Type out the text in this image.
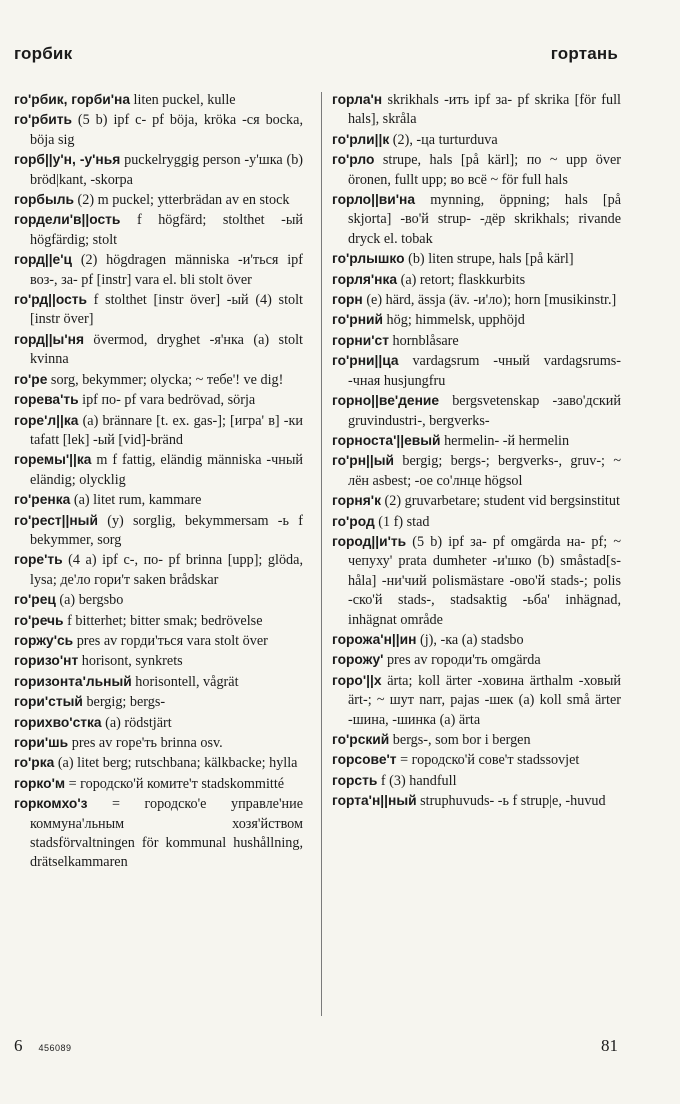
горбик	гортань

го'рбик, горби'на liten puckel, kulle

го'рбить (5 b) ipf с- pf böja, kröka -ся bocka, böja sig

горб||у'н, -у'нья puckelryggig person -у'шка (b) bröd|kant, -skorpa

горбыль (2) m puckel; ytterbrädan av en stock

гордели'в||ость f högfärd; stolthet -ый högfärdig; stolt

горд||е'ц (2) högdragen människa -и'ться ipf воз-, за- pf [instr] vara el. bli stolt över

го'рд||ость f stolthet [instr över] -ый (4) stolt [instr över]

горд||ы'ня övermod, dryghet -я'нка (a) stolt kvinna

го'ре sorg, bekymmer; olycka; ~ тебе'! ve dig!

горева'ть ipf по- pf vara bedrövad, sörja

горе'л||ка (a) brännare [t. ex. gas-]; [игра' в] -ки tafatt [lek] -ый [vid]-bränd

горемы'||ка m f fattig, eländig människa -чный eländig; olycklig

го'ренка (a) litet rum, kammare

го'рест||ный (y) sorglig, bekymmersam -ь f bekymmer, sorg

горе'ть (4 a) ipf с-, по- pf brinna [upp]; glöda, lysa; де'ло гори'т saken brådskar

го'рец (a) bergsbo

го'речь f bitterhet; bitter smak; bedrövelse

горжу'сь pres av горди'ться vara stolt över

горизо'нт horisont, synkrets

горизонта'льный horisontell, vågrät

гори'стый bergig; bergs-

горихво'стка (a) rödstjärt

гори'шь pres av горе'ть brinna osv.

го'рка (a) litet berg; rutschbana; kälkbacke; hylla

горко'м = городско'й комите'т stadskommitté

горкомхо'з = городско'е управле'ние коммуна'льным хозя'йством stadsförvaltningen för kommunal hushållning, drätselkammaren

горла'н skrikhals -ить ipf за- pf skrika [för full hals], skråla

го'рли||к (2), -ца turturduva

го'рло strupe, hals [på kärl]; по ~ upp över öronen, fullt upp; во всё ~ för full hals

горло||ви'на mynning, öppning; hals [på skjorta] -во'й strup- -дёр skrikhals; rivande dryck el. tobak

го'рлышко (b) liten strupe, hals [på kärl]

горля'нка (a) retort; flaskkurbits

горн (e) härd, ässja (äv. -и'ло); horn [musikinstr.]

го'рний hög; himmelsk, upphöjd

горни'ст hornblåsare

го'рни||ца vardagsrum -чный vardagsrums- -чная husjungfru

горно||ве'дение bergsvetenskap -заво'дский gruvindustri-, bergverks-

горноста'||евый hermelin- -й hermelin

го'рн||ый bergig; bergs-; bergverks-, gruv-; ~ лён asbest; -ое со'лнце högsol

горня'к (2) gruvarbetare; student vid bergsinstitut

го'род (1 f) stad

город||и'ть (5 b) ipf за- pf omgärda на- pf; ~ чепуху' prata dumheter -и'шко (b) småstad[s-håla] -ни'чий polismästare -ово'й stads-; polis -ско'й stads-, stadsaktig -ьба' inhägnad, inhägnat område

горожа'н||ин (j), -ка (a) stadsbo

горожу' pres av городи'ть omgärda

горо'||х ärta; koll ärter -ховина ärthalm -ховый ärt-; ~ шут narr, pajas -шек (a) koll små ärter -шина, -шинка (a) ärta

го'рский bergs-, som bor i bergen

горсове'т = городско'й сове'т stadssovjet

горсть f (3) handfull

горта'н||ный struphuvuds- -ь f strup|e, -huvud

6 456089	81
